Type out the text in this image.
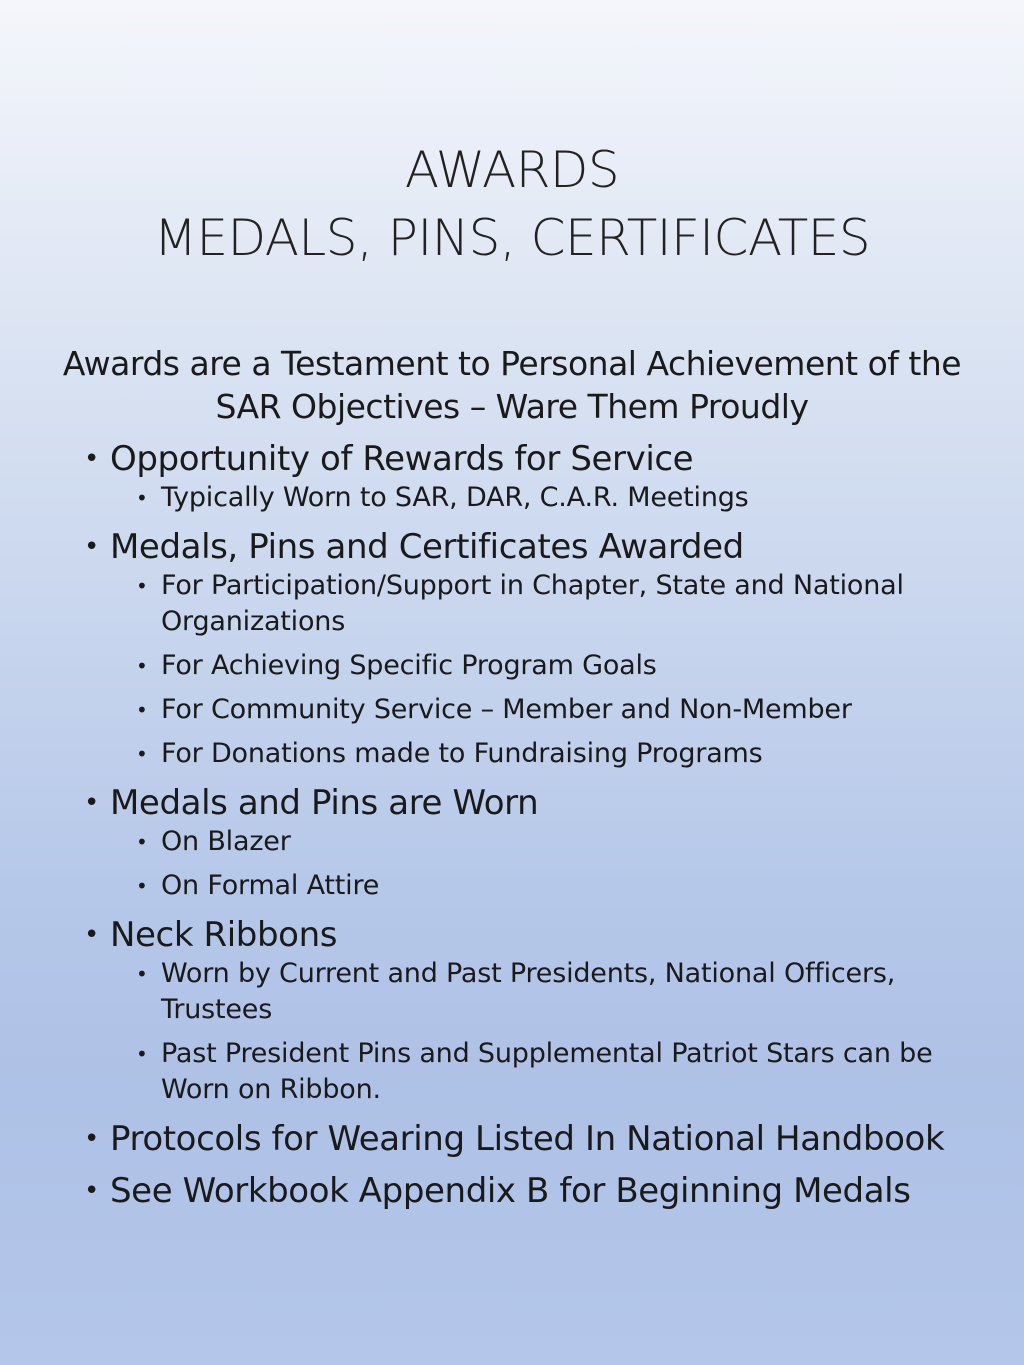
AWARDS
MEDALS, PINS, CERTIFICATES
Awards are a Testament to Personal Achievement of the SAR Objectives – Ware Them Proudly
• Opportunity of Rewards for Service
• Typically Worn to SAR, DAR, C.A.R. Meetings
• Medals, Pins and Certificates Awarded
• For Participation/Support in Chapter, State and National Organizations
• For Achieving Specific Program Goals
• For Community Service – Member and Non-Member
• For Donations made to Fundraising Programs
• Medals and Pins are Worn
• On Blazer
• On Formal Attire
• Neck Ribbons
• Worn by Current and Past Presidents, National Officers, Trustees
• Past President Pins and Supplemental Patriot Stars can be Worn on Ribbon.
• Protocols for Wearing Listed In National Handbook
• See Workbook Appendix B for Beginning Medals
